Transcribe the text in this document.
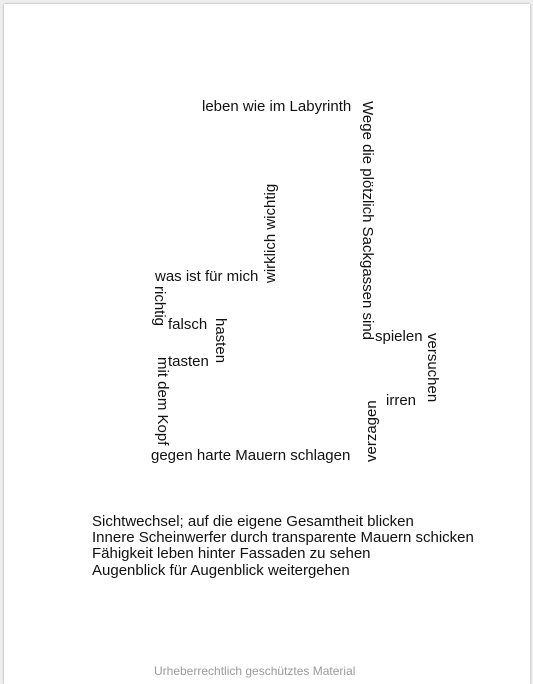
leben wie im Labyrinth Wege die plötzlich Sackgassen sind
wirklich wichtig
was ist für mich
richtig falsch hasten
tasten
mit dem Kopf
gegen harte Mauern schlagen
spielen versuchen
irren
verzagen
Sichtwechsel; auf die eigene Gesamtheit blicken
Innere Scheinwerfer durch transparente Mauern schicken
Fähigkeit leben hinter Fassaden zu sehen
Augenblick für Augenblick weitergehen
Urheberrechtlich geschütztes Material
